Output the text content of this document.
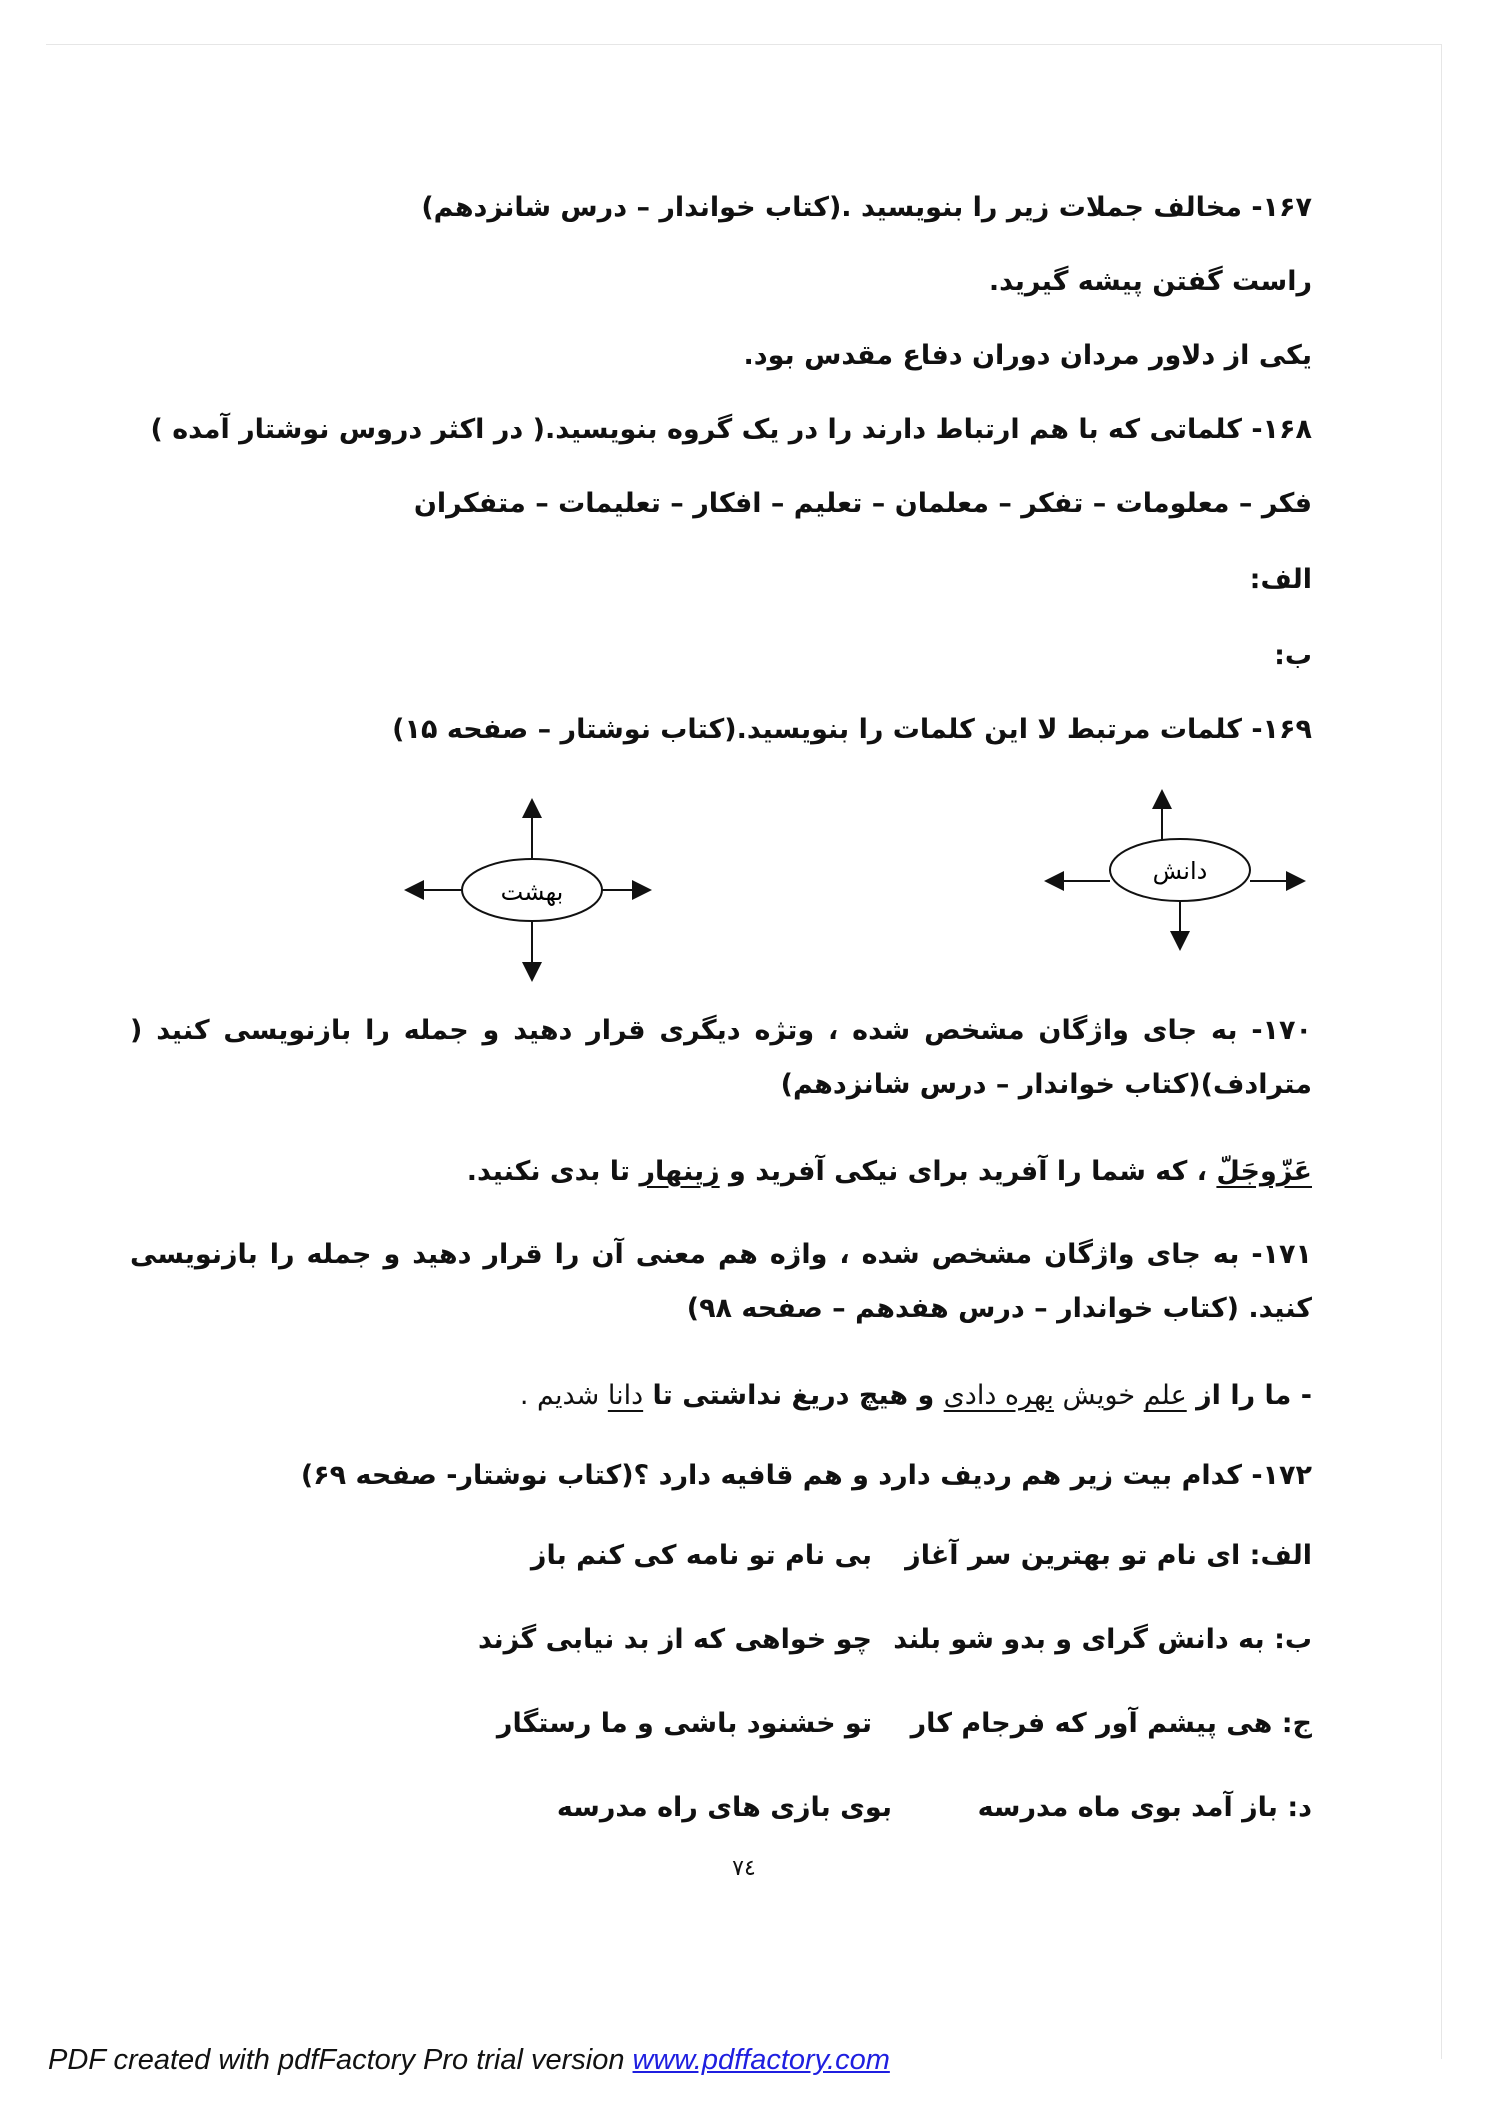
۱۶۷- مخالف جملات زیر را بنویسید .(کتاب خواندار – درس شانزدهم)
راست گفتن پیشه گیرید.
یکی از دلاور مردان دوران دفاع مقدس بود.
۱۶۸- کلماتی که با هم ارتباط دارند را در یک گروه بنویسید.( در اکثر دروس نوشتار آمده )
فکر – معلومات – تفکر – معلمان – تعلیم – افکار – تعلیمات – متفکران
الف:
ب:
۱۶۹- کلمات مرتبط لا این کلمات را بنویسید.(کتاب نوشتار – صفحه ۱۵)
بهشت
دانش
۱۷۰- به جای واژگان مشخص شده ، وتژه دیگری قرار دهید و جمله را بازنویسی کنید ( مترادف)(کتاب خواندار – درس شانزدهم)
عَزّوجَلّ ، که شما را آفرید برای نیکی آفرید و زینهار تا بدی نکنید.
۱۷۱- به جای واژگان مشخص شده ، واژه هم معنی آن را قرار دهید و جمله را بازنویسی کنید. (کتاب خواندار – درس هفدهم – صفحه ۹۸)
- ما را از علم خویش بهره دادی و هیچ دریغ نداشتی تا دانا شدیم .
۱۷۲- کدام بیت زیر هم ردیف دارد و هم قافیه دارد ؟(کتاب نوشتار- صفحه ۶۹)
الف: ای نام تو بهترین سر آغاز
بی نام تو نامه کی کنم باز
ب: به دانش گرای و بدو شو بلند
چو خواهی که از بد نیابی گزند
ج: هی پیشم آور که فرجام کار
تو خشنود باشی و ما رستگار
د: باز آمد بوی ماه مدرسه
بوی بازی های راه مدرسه
۷٤
PDF created with pdfFactory Pro trial version www.pdffactory.com
